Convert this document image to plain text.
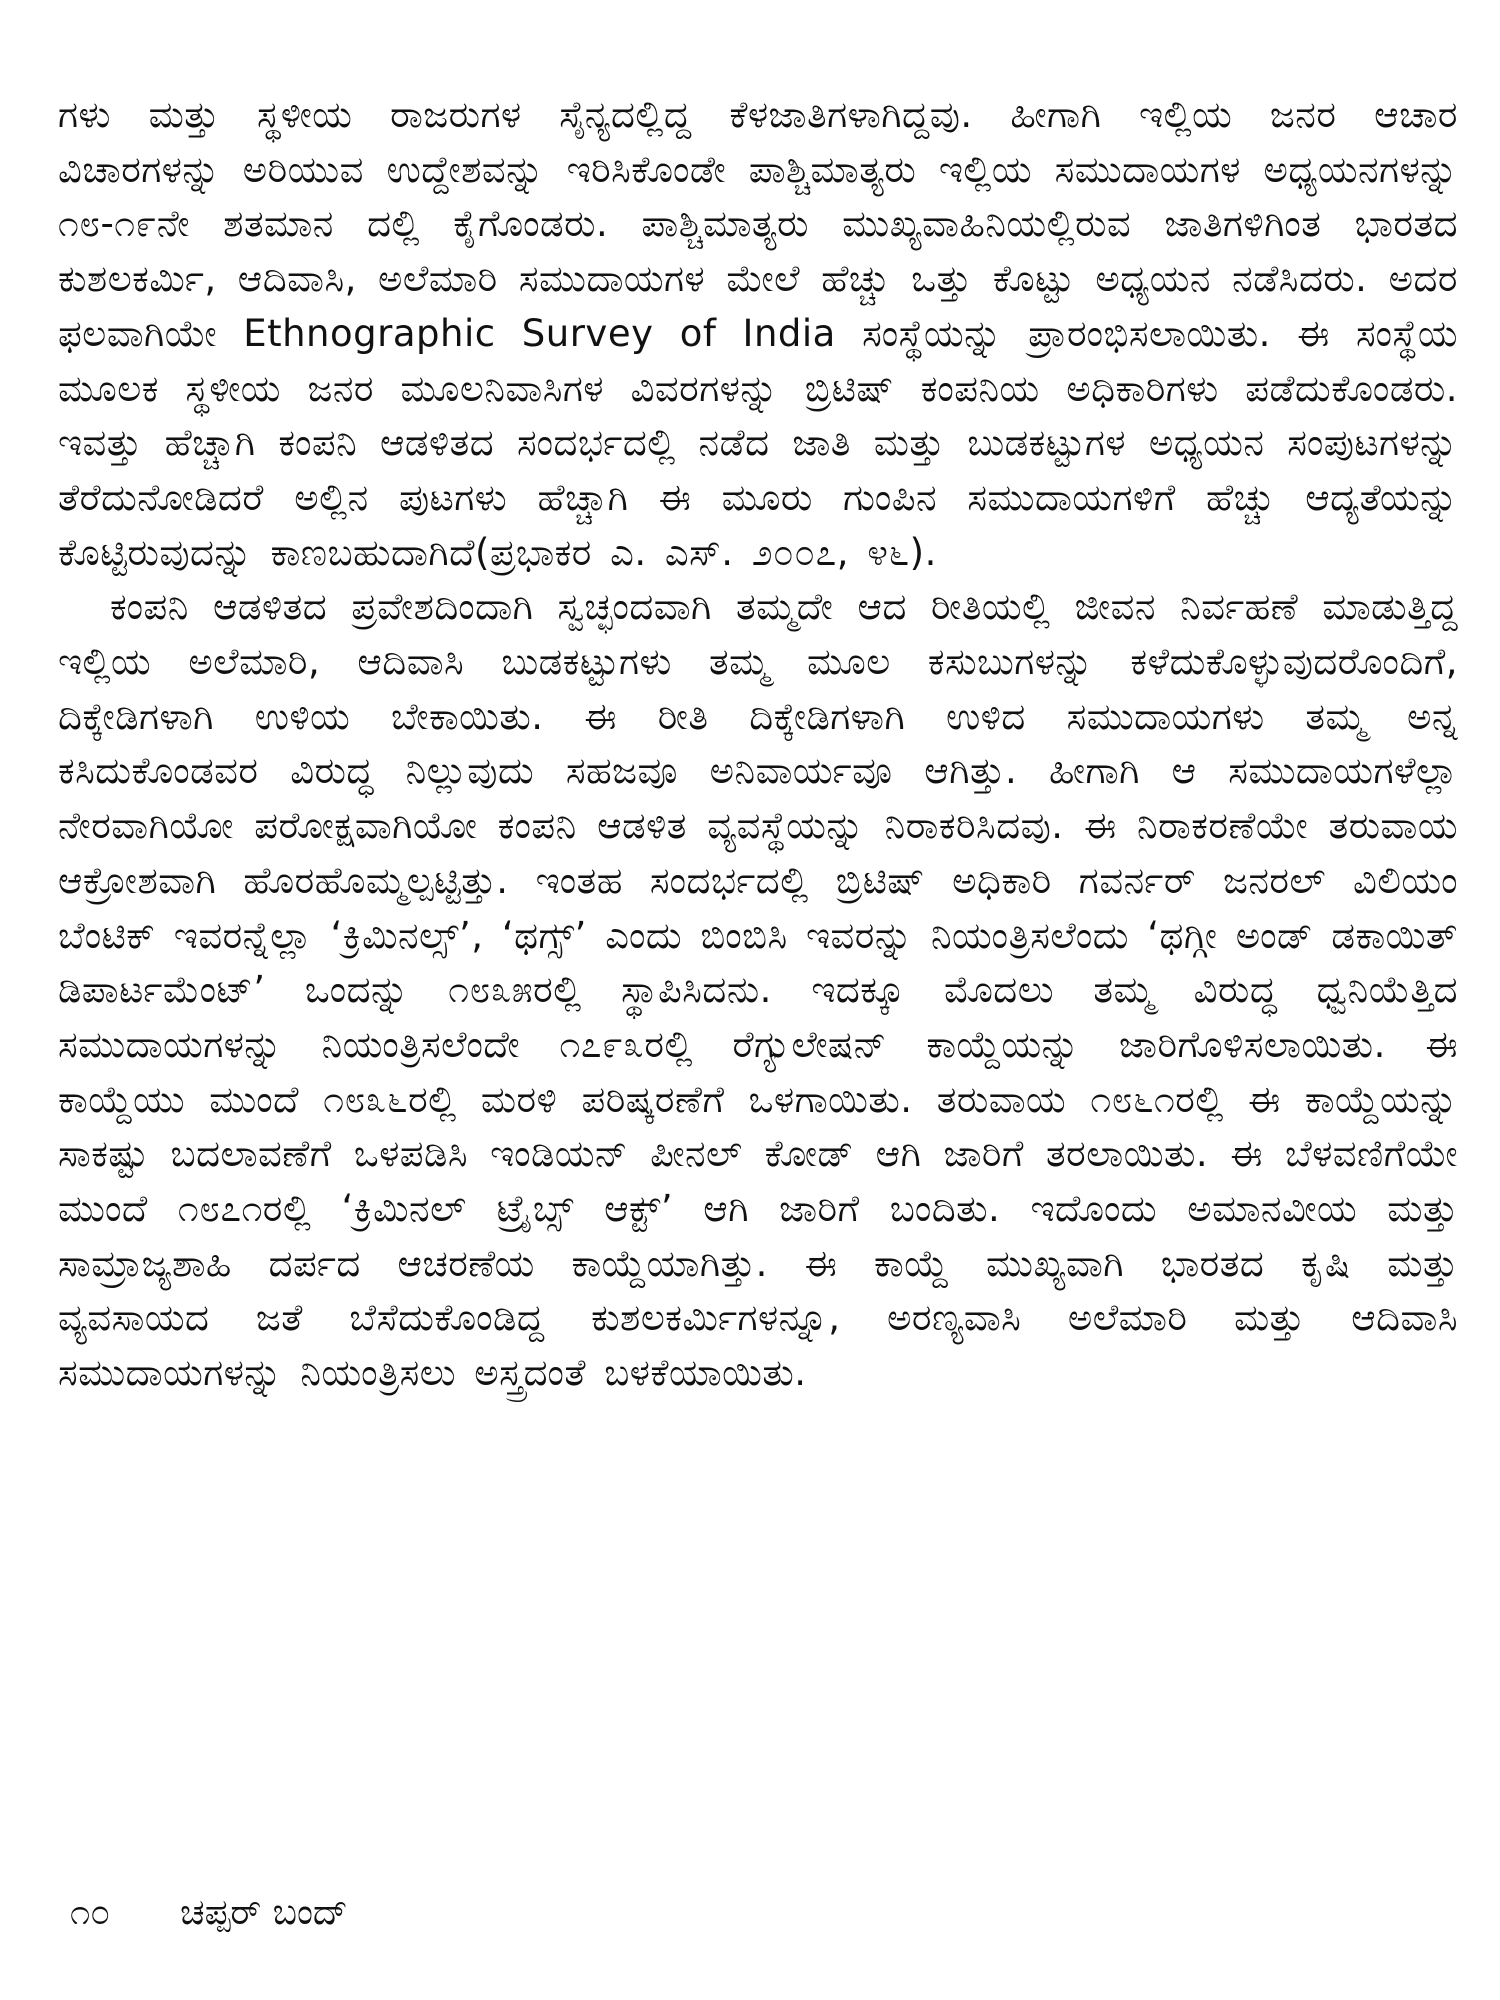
ಗಳು ಮತ್ತು ಸ್ಥಳೀಯ ರಾಜರುಗಳ ಸೈನ್ಯದಲ್ಲಿದ್ದ ಕೆಳಜಾತಿಗಳಾಗಿದ್ದವು. ಹೀಗಾಗಿ ಇಲ್ಲಿಯ ಜನರ ಆಚಾರ ವಿಚಾರಗಳನ್ನು ಅರಿಯುವ ಉದ್ದೇಶವನ್ನು ಇರಿಸಿಕೊಂಡೇ ಪಾಶ್ಚಿಮಾತ್ಯರು ಇಲ್ಲಿಯ ಸಮುದಾಯಗಳ ಅಧ್ಯಯನಗಳನ್ನು ೧೮-೧೯ನೇ ಶತಮಾನ ದಲ್ಲಿ ಕೈಗೊಂಡರು. ಪಾಶ್ಚಿಮಾತ್ಯರು ಮುಖ್ಯವಾಹಿನಿಯಲ್ಲಿರುವ ಜಾತಿಗಳಿಗಿಂತ ಭಾರತದ ಕುಶಲಕರ್ಮಿ, ಆದಿವಾಸಿ, ಅಲೆಮಾರಿ ಸಮುದಾಯಗಳ ಮೇಲೆ ಹೆಚ್ಚು ಒತ್ತು ಕೊಟ್ಟು ಅಧ್ಯಯನ ನಡೆಸಿದರು. ಅದರ ಫಲವಾಗಿಯೇ Ethnographic Survey of India ಸಂಸ್ಥೆಯನ್ನು ಪ್ರಾರಂಭಿಸಲಾಯಿತು. ಈ ಸಂಸ್ಥೆಯ ಮೂಲಕ ಸ್ಥಳೀಯ ಜನರ ಮೂಲನಿವಾಸಿಗಳ ವಿವರಗಳನ್ನು ಬ್ರಿಟಿಷ್ ಕಂಪನಿಯ ಅಧಿಕಾರಿಗಳು ಪಡೆದುಕೊಂಡರು. ಇವತ್ತು ಹೆಚ್ಚಾಗಿ ಕಂಪನಿ ಆಡಳಿತದ ಸಂದರ್ಭದಲ್ಲಿ ನಡೆದ ಜಾತಿ ಮತ್ತು ಬುಡಕಟ್ಟುಗಳ ಅಧ್ಯಯನ ಸಂಪುಟಗಳನ್ನು ತೆರೆದುನೋಡಿದರೆ ಅಲ್ಲಿನ ಪುಟಗಳು ಹೆಚ್ಚಾಗಿ ಈ ಮೂರು ಗುಂಪಿನ ಸಮುದಾಯಗಳಿಗೆ ಹೆಚ್ಚು ಆದ್ಯತೆಯನ್ನು ಕೊಟ್ಟಿರುವುದನ್ನು ಕಾಣಬಹುದಾಗಿದೆ(ಪ್ರಭಾಕರ ಎ. ಎಸ್. ೨೦೦೭, ೪೬).

ಕಂಪನಿ ಆಡಳಿತದ ಪ್ರವೇಶದಿಂದಾಗಿ ಸ್ವಚ್ಛಂದವಾಗಿ ತಮ್ಮದೇ ಆದ ರೀತಿಯಲ್ಲಿ ಜೀವನ ನಿರ್ವಹಣೆ ಮಾಡುತ್ತಿದ್ದ ಇಲ್ಲಿಯ ಅಲೆಮಾರಿ, ಆದಿವಾಸಿ ಬುಡಕಟ್ಟುಗಳು ತಮ್ಮ ಮೂಲ ಕಸುಬುಗಳನ್ನು ಕಳೆದುಕೊಳ್ಳುವುದರೊಂದಿಗೆ, ದಿಕ್ಕೇಡಿಗಳಾಗಿ ಉಳಿಯ ಬೇಕಾಯಿತು. ಈ ರೀತಿ ದಿಕ್ಕೇಡಿಗಳಾಗಿ ಉಳಿದ ಸಮುದಾಯಗಳು ತಮ್ಮ ಅನ್ನ ಕಸಿದುಕೊಂಡವರ ವಿರುದ್ಧ ನಿಲ್ಲುವುದು ಸಹಜವೂ ಅನಿವಾರ್ಯವೂ ಆಗಿತ್ತು. ಹೀಗಾಗಿ ಆ ಸಮುದಾಯಗಳೆಲ್ಲಾ ನೇರವಾಗಿಯೋ ಪರೋಕ್ಷವಾಗಿಯೋ ಕಂಪನಿ ಆಡಳಿತ ವ್ಯವಸ್ಥೆಯನ್ನು ನಿರಾಕರಿಸಿದವು. ಈ ನಿರಾಕರಣೆಯೇ ತರುವಾಯ ಆಕ್ರೋಶವಾಗಿ ಹೊರಹೊಮ್ಮಲ್ಪಟ್ಟಿತ್ತು. ಇಂತಹ ಸಂದರ್ಭದಲ್ಲಿ ಬ್ರಿಟಿಷ್ ಅಧಿಕಾರಿ ಗವರ್ನರ್ ಜನರಲ್ ವಿಲಿಯಂ ಬೆಂಟಿಕ್ ಇವರನ್ನೆಲ್ಲಾ ‘ಕ್ರಿಮಿನಲ್ಸ್’, ‘ಥಗ್ಸ್’ ಎಂದು ಬಿಂಬಿಸಿ ಇವರನ್ನು ನಿಯಂತ್ರಿಸಲೆಂದು ‘ಥಗ್ಗೀ ಅಂಡ್ ಡಕಾಯಿತ್ ಡಿಪಾರ್ಟಮೆಂಟ್’ ಒಂದನ್ನು ೧೮೩೫ರಲ್ಲಿ ಸ್ಥಾಪಿಸಿದನು. ಇದಕ್ಕೂ ಮೊದಲು ತಮ್ಮ ವಿರುದ್ಧ ಧ್ವನಿಯೆತ್ತಿದ ಸಮುದಾಯಗಳನ್ನು ನಿಯಂತ್ರಿಸಲೆಂದೇ ೧೭೯೩ರಲ್ಲಿ ರೆಗ್ಯುಲೇಷನ್ ಕಾಯ್ದೆಯನ್ನು ಜಾರಿಗೊಳಿಸಲಾಯಿತು. ಈ ಕಾಯ್ದೆಯು ಮುಂದೆ ೧೮೩೬ರಲ್ಲಿ ಮರಳಿ ಪರಿಷ್ಕರಣೆಗೆ ಒಳಗಾಯಿತು. ತರುವಾಯ ೧೮೬೧ರಲ್ಲಿ ಈ ಕಾಯ್ದೆಯನ್ನು ಸಾಕಷ್ಟು ಬದಲಾವಣೆಗೆ ಒಳಪಡಿಸಿ ಇಂಡಿಯನ್ ಪೀನಲ್ ಕೋಡ್ ಆಗಿ ಜಾರಿಗೆ ತರಲಾಯಿತು. ಈ ಬೆಳವಣಿಗೆಯೇ ಮುಂದೆ ೧೮೭೧ರಲ್ಲಿ ‘ಕ್ರಿಮಿನಲ್ ಟ್ರೈಬ್ಸ್ ಆಕ್ಟ್’ ಆಗಿ ಜಾರಿಗೆ ಬಂದಿತು. ಇದೊಂದು ಅಮಾನವೀಯ ಮತ್ತು ಸಾಮ್ರಾಜ್ಯಶಾಹಿ ದರ್ಪದ ಆಚರಣೆಯ ಕಾಯ್ದೆಯಾಗಿತ್ತು. ಈ ಕಾಯ್ದೆ ಮುಖ್ಯವಾಗಿ ಭಾರತದ ಕೃಷಿ ಮತ್ತು ವ್ಯವಸಾಯದ ಜತೆ ಬೆಸೆದುಕೊಂಡಿದ್ದ ಕುಶಲಕರ್ಮಿಗಳನ್ನೂ, ಅರಣ್ಯವಾಸಿ ಅಲೆಮಾರಿ ಮತ್ತು ಆದಿವಾಸಿ ಸಮುದಾಯಗಳನ್ನು ನಿಯಂತ್ರಿಸಲು ಅಸ್ತ್ರದಂತೆ ಬಳಕೆಯಾಯಿತು.

೧೦ ಚಪ್ಪರ್ ಬಂದ್
